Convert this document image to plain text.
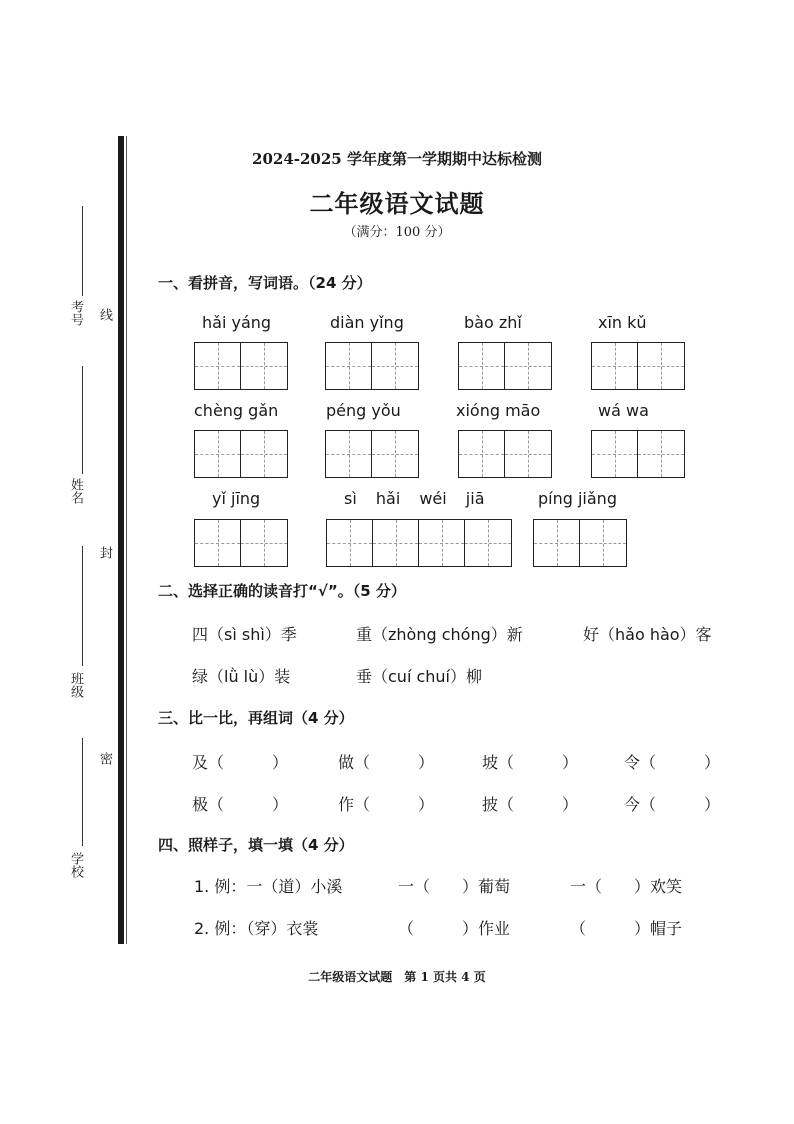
考号 线
姓名
封
班级
密
学校
2024-2025 学年度第一学期期中达标检测
二年级语文试题
（满分：100 分）
一、看拼音，写词语。（24 分）
hǎi yáng	diàn yǐng	bào zhǐ	xīn kǔ
chèng gǎn	péng yǒu	xióng māo	wá wa
yǐ jīng	sì hǎi wéi jiā	píng jiǎng
二、选择正确的读音打“√”。（5 分）
四（sì shì）季	重（zhòng chóng）新	好（hǎo hào）客
绿（lǜ lù）装	垂（cuí chuí）柳
三、比一比，再组词（4 分）
及（　　　）	做（　　　）	坡（　　　）	令（　　　）
极（　　　）	作（　　　）	披（　　　）	今（　　　）
四、照样子，填一填（4 分）
1. 例：一（道）小溪	一（　　）葡萄	一（　　）欢笑
2. 例：（穿）衣裳	（　　　）作业	（　　　）帽子
二年级语文试题　第 1 页共 4 页
